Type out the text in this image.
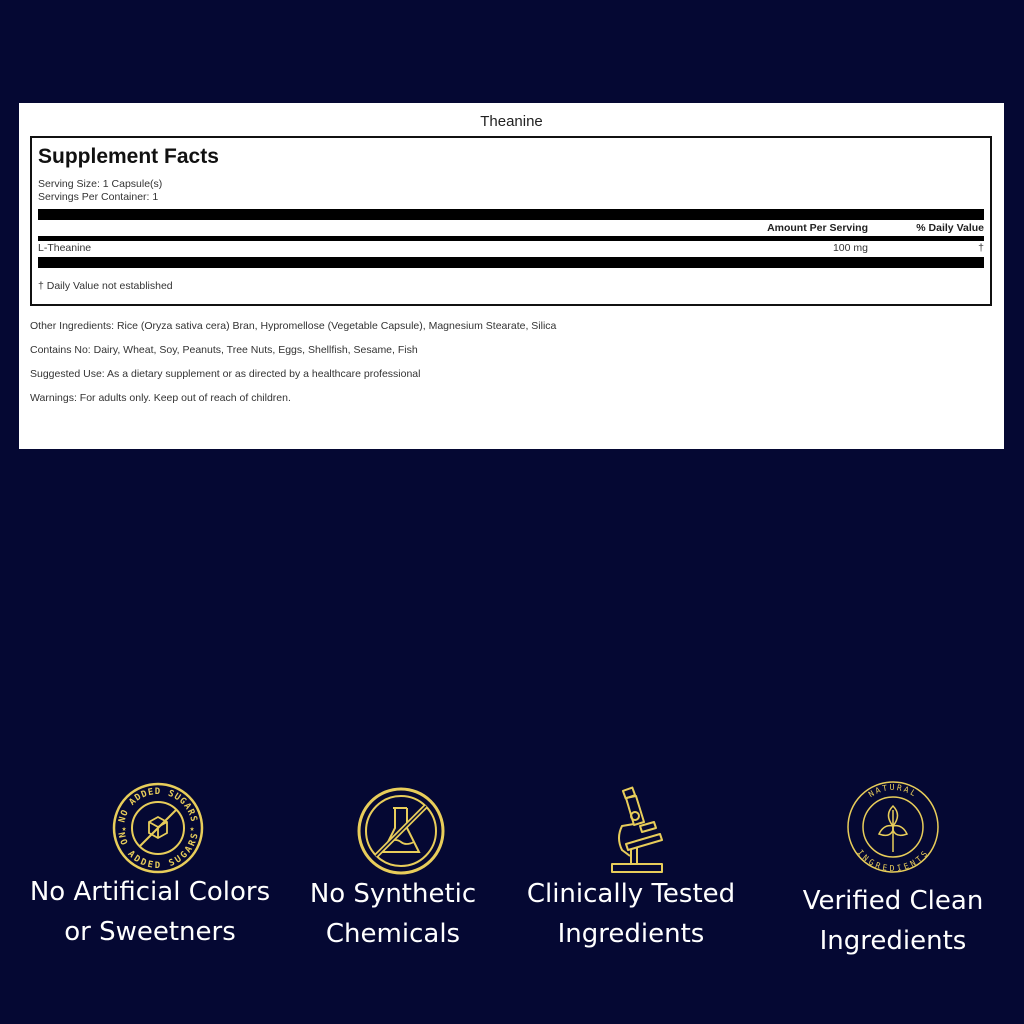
Theanine
Supplement Facts
Serving Size: 1 Capsule(s)
Servings Per Container: 1
Amount Per Serving	% Daily Value
L-Theanine	100 mg	†
† Daily Value not established
Other Ingredients: Rice (Oryza sativa cera) Bran, Hypromellose (Vegetable Capsule), Magnesium Stearate, Silica
Contains No: Dairy, Wheat, Soy, Peanuts, Tree Nuts, Eggs, Shellfish, Sesame, Fish
Suggested Use: As a dietary supplement or as directed by a healthcare professional
Warnings: For adults only. Keep out of reach of children.
NO ADDED SUGARS
NO ADDED SUGARS
★	★
No Artificial Colors
or Sweetners
No Synthetic
Chemicals
Clinically Tested
Ingredients
NATURAL
INGREDIENTS
Verified Clean
Ingredients
